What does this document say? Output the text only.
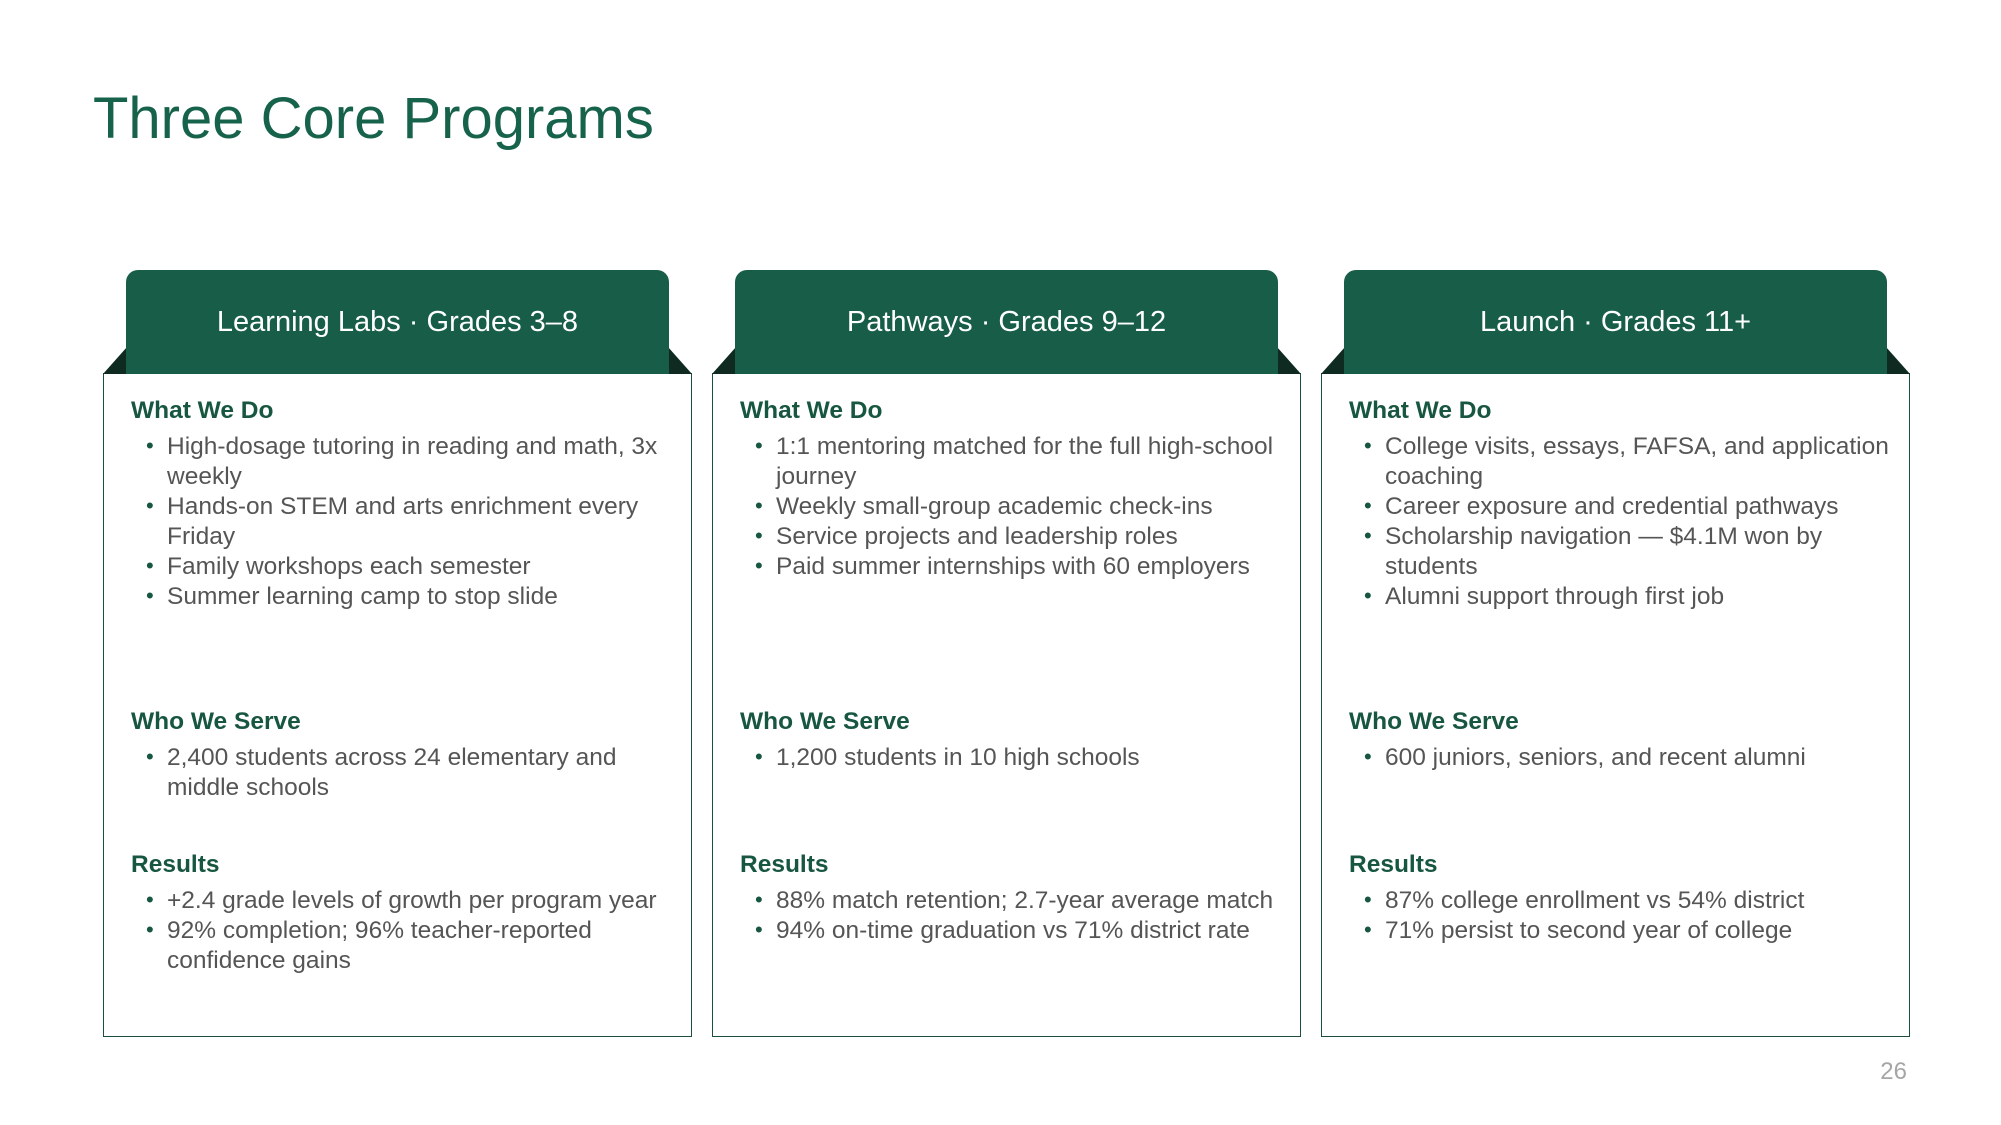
Three Core Programs
Learning Labs · Grades 3–8
What We Do
• High-dosage tutoring in reading and math, 3x weekly
• Hands-on STEM and arts enrichment every Friday
• Family workshops each semester
• Summer learning camp to stop slide
Who We Serve
• 2,400 students across 24 elementary and middle schools
Results
• +2.4 grade levels of growth per program year
• 92% completion; 96% teacher-reported confidence gains
Pathways · Grades 9–12
What We Do
• 1:1 mentoring matched for the full high-school journey
• Weekly small-group academic check-ins
• Service projects and leadership roles
• Paid summer internships with 60 employers
Who We Serve
• 1,200 students in 10 high schools
Results
• 88% match retention; 2.7-year average match
• 94% on-time graduation vs 71% district rate
Launch · Grades 11+
What We Do
• College visits, essays, FAFSA, and application coaching
• Career exposure and credential pathways
• Scholarship navigation — $4.1M won by students
• Alumni support through first job
Who We Serve
• 600 juniors, seniors, and recent alumni
Results
• 87% college enrollment vs 54% district
• 71% persist to second year of college
26
